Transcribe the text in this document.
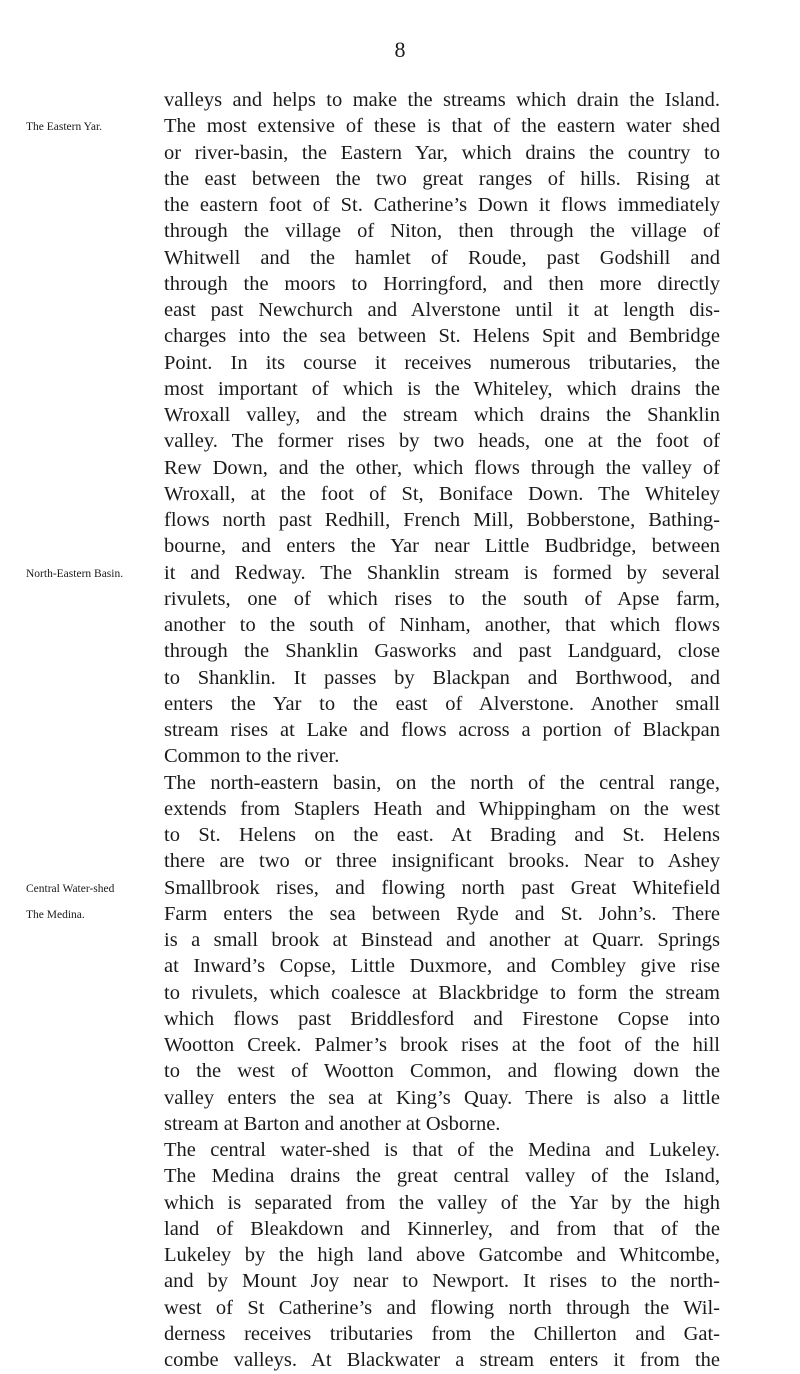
8
The Eastern Yar.
North-Eastern Basin.
Central Water-shed
The Medina.
valleys and helps to make the streams which drain the Island.
The most extensive of these is that of the eastern water shed
or river-basin, the Eastern Yar, which drains the country to
the east between the two great ranges of hills. Rising at
the eastern foot of St. Catherine’s Down it flows immediately
through the village of Niton, then through the village of
Whitwell and the hamlet of Roude, past Godshill and
through the moors to Horringford, and then more directly
east past Newchurch and Alverstone until it at length dis-
charges into the sea between St. Helens Spit and Bembridge
Point. In its course it receives numerous tributaries, the
most important of which is the Whiteley, which drains the
Wroxall valley, and the stream which drains the Shanklin
valley. The former rises by two heads, one at the foot of
Rew Down, and the other, which flows through the valley of
Wroxall, at the foot of St, Boniface Down. The Whiteley
flows north past Redhill, French Mill, Bobberstone, Bathing-
bourne, and enters the Yar near Little Budbridge, between
it and Redway. The Shanklin stream is formed by several
rivulets, one of which rises to the south of Apse farm,
another to the south of Ninham, another, that which flows
through the Shanklin Gasworks and past Landguard, close
to Shanklin. It passes by Blackpan and Borthwood, and
enters the Yar to the east of Alverstone. Another small
stream rises at Lake and flows across a portion of Blackpan
Common to the river.
The north-eastern basin, on the north of the central range,
extends from Staplers Heath and Whippingham on the west
to St. Helens on the east. At Brading and St. Helens
there are two or three insignificant brooks. Near to Ashey
Smallbrook rises, and flowing north past Great Whitefield
Farm enters the sea between Ryde and St. John’s. There
is a small brook at Binstead and another at Quarr. Springs
at Inward’s Copse, Little Duxmore, and Combley give rise
to rivulets, which coalesce at Blackbridge to form the stream
which flows past Briddlesford and Firestone Copse into
Wootton Creek. Palmer’s brook rises at the foot of the hill
to the west of Wootton Common, and flowing down the
valley enters the sea at King’s Quay. There is also a little
stream at Barton and another at Osborne.
The central water-shed is that of the Medina and Lukeley.
The Medina drains the great central valley of the Island,
which is separated from the valley of the Yar by the high
land of Bleakdown and Kinnerley, and from that of the
Lukeley by the high land above Gatcombe and Whitcombe,
and by Mount Joy near to Newport. It rises to the north-
west of St Catherine’s and flowing north through the Wil-
derness receives tributaries from the Chillerton and Gat-
combe valleys. At Blackwater a stream enters it from the
